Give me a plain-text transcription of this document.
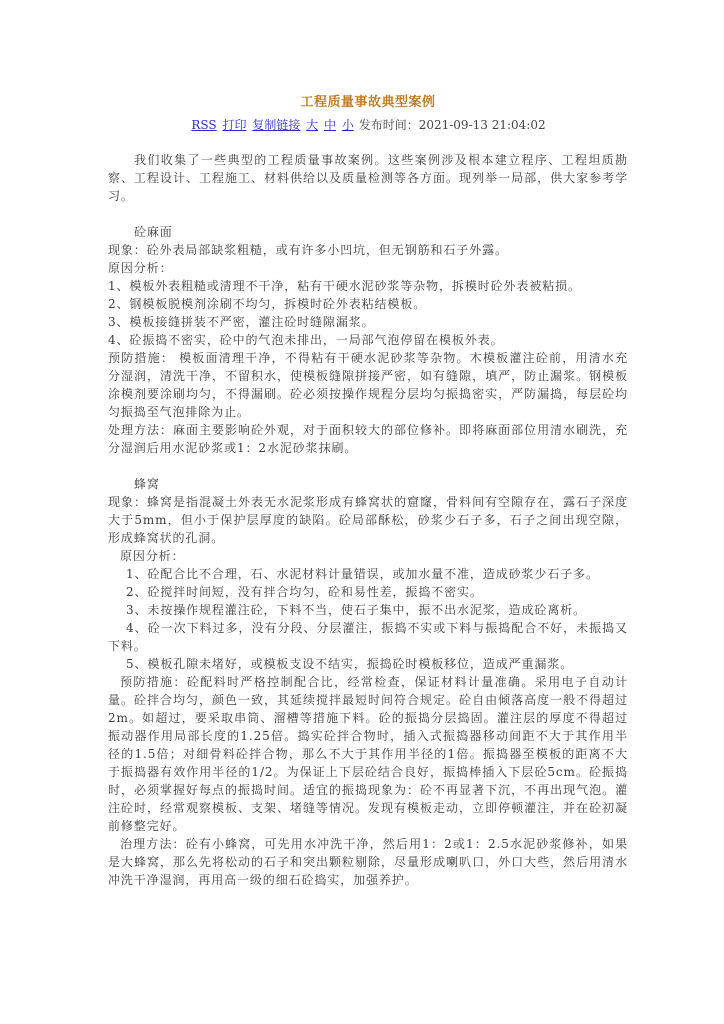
工程质量事故典型案例
RSS 打印 复制链接 大 中 小 发布时间：2021-09-13 21:04:02

我们收集了一些典型的工程质量事故案例。这些案例涉及根本建立程序、工程坦质勘察、工程设计、工程施工、材料供给以及质量检测等各方面。现列举一局部，供大家参考学习。

砼麻面

现象：砼外表局部缺浆粗糙，或有许多小凹坑，但无钢筋和石子外露。

原因分析：

1、模板外表粗糙或清理不干净，粘有干硬水泥砂浆等杂物，拆模时砼外表被粘损。

2、钢模板脱模剂涂刷不均匀，拆模时砼外表粘结模板。

3、模板接缝拼装不严密，灌注砼时缝隙漏浆。

4、砼振捣不密实，砼中的气泡未排出，一局部气泡停留在模板外表。

预防措施： 模板面清理干净，不得粘有干硬水泥砂浆等杂物。木模板灌注砼前，用清水充分湿润，清洗干净，不留积水，使模板缝隙拼接严密，如有缝隙，填严，防止漏浆。钢模板涂模剂要涂刷均匀，不得漏刷。砼必须按操作规程分层均匀振捣密实，严防漏捣，每层砼均匀振捣至气泡排除为止。

处理方法：麻面主要影响砼外观，对于面积较大的部位修补。即将麻面部位用清水刷洗，充分湿润后用水泥砂浆或1：2水泥砂浆抹刷。

蜂窝

现象：蜂窝是指混凝土外表无水泥浆形成有蜂窝状的窟窿，骨料间有空隙存在，露石子深度大于5mm，但小于保护层厚度的缺陷。砼局部酥松，砂浆少石子多，石子之间出现空隙，形成蜂窝状的孔洞。

原因分析：

1、砼配合比不合理，石、水泥材料计量错误，或加水量不准，造成砂浆少石子多。

2、砼搅拌时间短，没有拌合均匀，砼和易性差，振捣不密实。

3、未按操作规程灌注砼，下料不当，使石子集中，振不出水泥浆，造成砼离析。

4、砼一次下料过多，没有分段、分层灌注，振捣不实或下料与振捣配合不好，未振捣又下料。

5、模板孔隙未堵好，或模板支设不结实，振捣砼时模板移位，造成严重漏浆。

预防措施：砼配料时严格控制配合比，经常检查，保证材料计量准确。采用电子自动计量。砼拌合均匀，颜色一致，其延续搅拌最短时间符合规定。砼自由倾落高度一般不得超过2m。如超过，要采取串筒、溜槽等措施下料。砼的振捣分层捣固。灌注层的厚度不得超过振动器作用局部长度的1.25倍。捣实砼拌合物时，插入式振捣器移动间距不大于其作用半径的1.5倍；对细骨料砼拌合物，那么不大于其作用半径的1倍。振捣器至模板的距离不大于振捣器有效作用半径的1/2。为保证上下层砼结合良好，振捣棒插入下层砼5cm。砼振捣时，必须掌握好每点的振捣时间。适宜的振捣现象为：砼不再显著下沉，不再出现气泡。灌注砼时，经常观察模板、支架、堵缝等情况。发现有模板走动，立即停顿灌注，并在砼初凝前修整完好。

治理方法：砼有小蜂窝，可先用水冲洗干净，然后用1：2或1：2.5水泥砂浆修补，如果是大蜂窝，那么先将松动的石子和突出颗粒剔除，尽量形成喇叭口，外口大些，然后用清水冲洗干净湿润，再用高一级的细石砼捣实，加强养护。
